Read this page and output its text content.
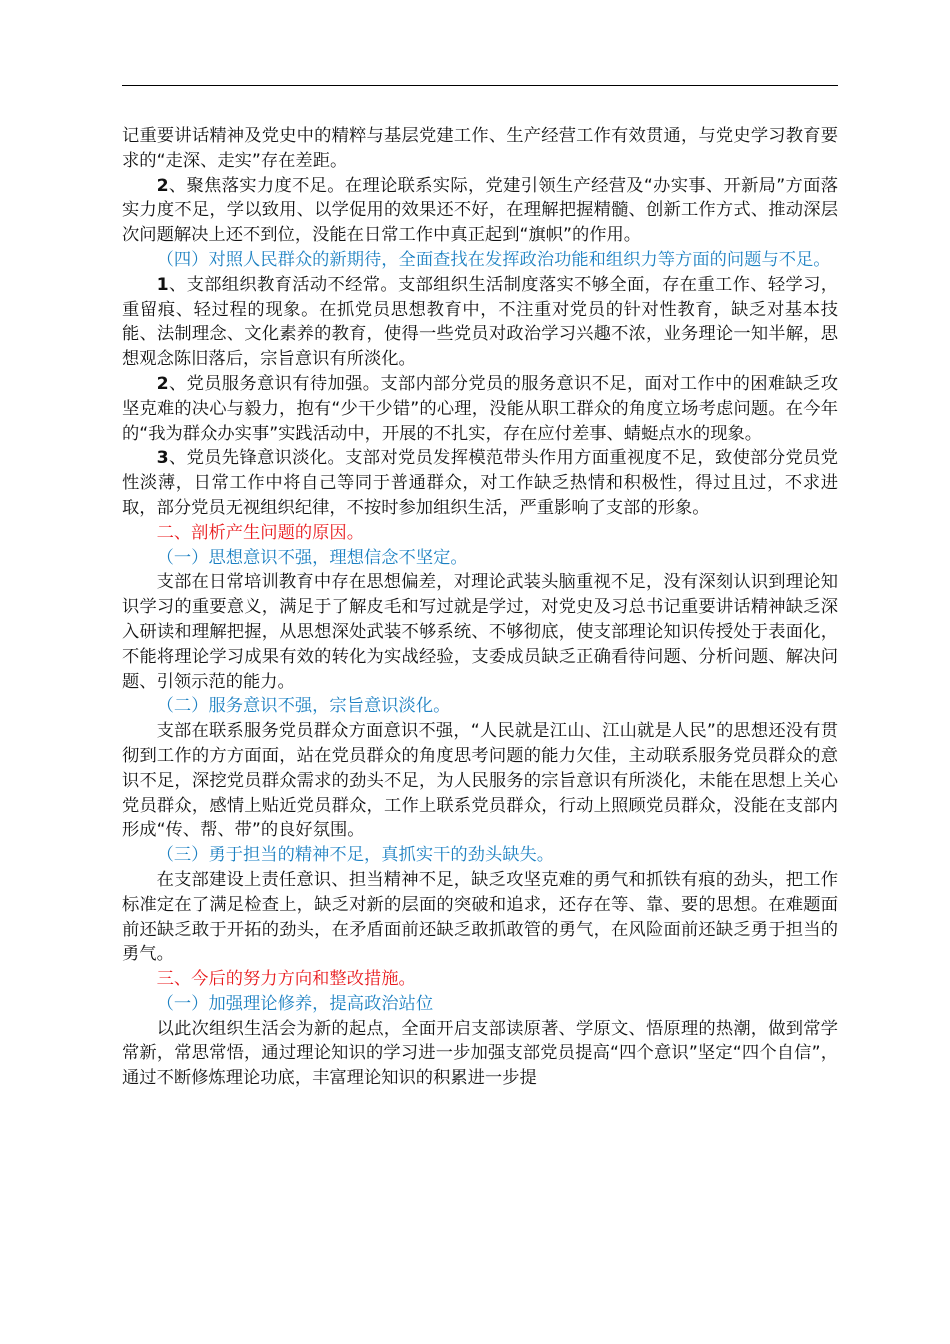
记重要讲话精神及党史中的精粹与基层党建工作、生产经营工作有效贯通，与党史学习教育要求的“走深、走实”存在差距。

2、聚焦落实力度不足。在理论联系实际，党建引领生产经营及“办实事、开新局”方面落实力度不足，学以致用、以学促用的效果还不好，在理解把握精髓、创新工作方式、推动深层次问题解决上还不到位，没能在日常工作中真正起到“旗帜”的作用。

（四）对照人民群众的新期待，全面查找在发挥政治功能和组织力等方面的问题与不足。

1、支部组织教育活动不经常。支部组织生活制度落实不够全面，存在重工作、轻学习，重留痕、轻过程的现象。在抓党员思想教育中，不注重对党员的针对性教育，缺乏对基本技能、法制理念、文化素养的教育，使得一些党员对政治学习兴趣不浓，业务理论一知半解，思想观念陈旧落后，宗旨意识有所淡化。

2、党员服务意识有待加强。支部内部分党员的服务意识不足，面对工作中的困难缺乏攻坚克难的决心与毅力，抱有“少干少错”的心理，没能从职工群众的角度立场考虑问题。在今年的“我为群众办实事”实践活动中，开展的不扎实，存在应付差事、蜻蜓点水的现象。

3、党员先锋意识淡化。支部对党员发挥模范带头作用方面重视度不足，致使部分党员党性淡薄，日常工作中将自己等同于普通群众，对工作缺乏热情和积极性，得过且过，不求进取，部分党员无视组织纪律，不按时参加组织生活，严重影响了支部的形象。

二、剖析产生问题的原因。

（一）思想意识不强，理想信念不坚定。

支部在日常培训教育中存在思想偏差，对理论武装头脑重视不足，没有深刻认识到理论知识学习的重要意义，满足于了解皮毛和写过就是学过，对党史及习总书记重要讲话精神缺乏深入研读和理解把握，从思想深处武装不够系统、不够彻底，使支部理论知识传授处于表面化，不能将理论学习成果有效的转化为实战经验，支委成员缺乏正确看待问题、分析问题、解决问题、引领示范的能力。

（二）服务意识不强，宗旨意识淡化。

支部在联系服务党员群众方面意识不强，“人民就是江山、江山就是人民”的思想还没有贯彻到工作的方方面面，站在党员群众的角度思考问题的能力欠佳，主动联系服务党员群众的意识不足，深挖党员群众需求的劲头不足，为人民服务的宗旨意识有所淡化，未能在思想上关心党员群众，感情上贴近党员群众，工作上联系党员群众，行动上照顾党员群众，没能在支部内形成“传、帮、带”的良好氛围。

（三）勇于担当的精神不足，真抓实干的劲头缺失。

在支部建设上责任意识、担当精神不足，缺乏攻坚克难的勇气和抓铁有痕的劲头，把工作标准定在了满足检查上，缺乏对新的层面的突破和追求，还存在等、靠、要的思想。在难题面前还缺乏敢于开拓的劲头，在矛盾面前还缺乏敢抓敢管的勇气，在风险面前还缺乏勇于担当的勇气。

三、今后的努力方向和整改措施。

（一）加强理论修养，提高政治站位

以此次组织生活会为新的起点，全面开启支部读原著、学原文、悟原理的热潮，做到常学常新，常思常悟，通过理论知识的学习进一步加强支部党员提高“四个意识”坚定“四个自信”，通过不断修炼理论功底，丰富理论知识的积累进一步提
